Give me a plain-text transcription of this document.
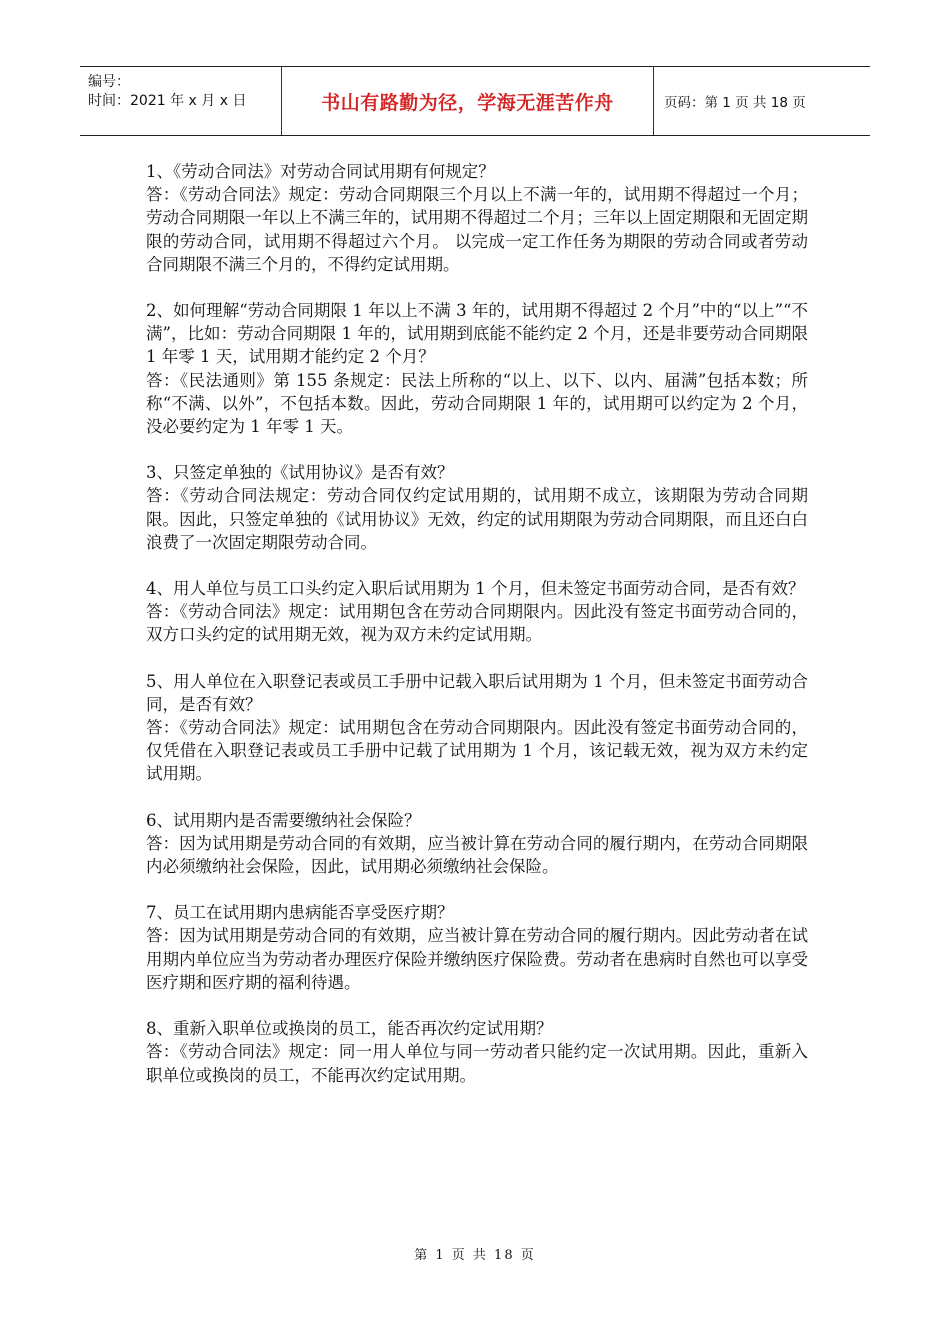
编号：
时间：2021 年 x 月 x 日	书山有路勤为径，学海无涯苦作舟	页码：第 1 页 共 18 页

1、《劳动合同法》对劳动合同试用期有何规定？

答：《劳动合同法》规定：劳动合同期限三个月以上不满一年的，试用期不得超过一个月；劳动合同期限一年以上不满三年的，试用期不得超过二个月；三年以上固定期限和无固定期限的劳动合同，试用期不得超过六个月。 以完成一定工作任务为期限的劳动合同或者劳动合同期限不满三个月的，不得约定试用期。

2、如何理解“劳动合同期限 1 年以上不满 3 年的，试用期不得超过 2 个月”中的“以上”“不满”，比如：劳动合同期限 1 年的，试用期到底能不能约定 2 个月，还是非要劳动合同期限 1 年零 1 天，试用期才能约定 2 个月？

答：《民法通则》第 155 条规定：民法上所称的“以上、以下、以内、届满”包括本数；所称“不满、以外”，不包括本数。因此，劳动合同期限 1 年的，试用期可以约定为 2 个月，没必要约定为 1 年零 1 天。

3、只签定单独的《试用协议》是否有效？

答：《劳动合同法规定：劳动合同仅约定试用期的，试用期不成立，该期限为劳动合同期限。因此，只签定单独的《试用协议》无效，约定的试用期限为劳动合同期限，而且还白白浪费了一次固定期限劳动合同。

4、用人单位与员工口头约定入职后试用期为 1 个月，但未签定书面劳动合同，是否有效？

答：《劳动合同法》规定：试用期包含在劳动合同期限内。因此没有签定书面劳动合同的，双方口头约定的试用期无效，视为双方未约定试用期。

5、用人单位在入职登记表或员工手册中记载入职后试用期为 1 个月，但未签定书面劳动合同，是否有效？

答：《劳动合同法》规定：试用期包含在劳动合同期限内。因此没有签定书面劳动合同的，仅凭借在入职登记表或员工手册中记载了试用期为 1 个月，该记载无效，视为双方未约定试用期。

6、试用期内是否需要缴纳社会保险？

答：因为试用期是劳动合同的有效期，应当被计算在劳动合同的履行期内，在劳动合同期限内必须缴纳社会保险，因此，试用期必须缴纳社会保险。

7、员工在试用期内患病能否享受医疗期？

答：因为试用期是劳动合同的有效期，应当被计算在劳动合同的履行期内。因此劳动者在试用期内单位应当为劳动者办理医疗保险并缴纳医疗保险费。劳动者在患病时自然也可以享受医疗期和医疗期的福利待遇。

8、重新入职单位或换岗的员工，能否再次约定试用期？

答：《劳动合同法》规定：同一用人单位与同一劳动者只能约定一次试用期。因此，重新入职单位或换岗的员工，不能再次约定试用期。

第 1 页 共 18 页
